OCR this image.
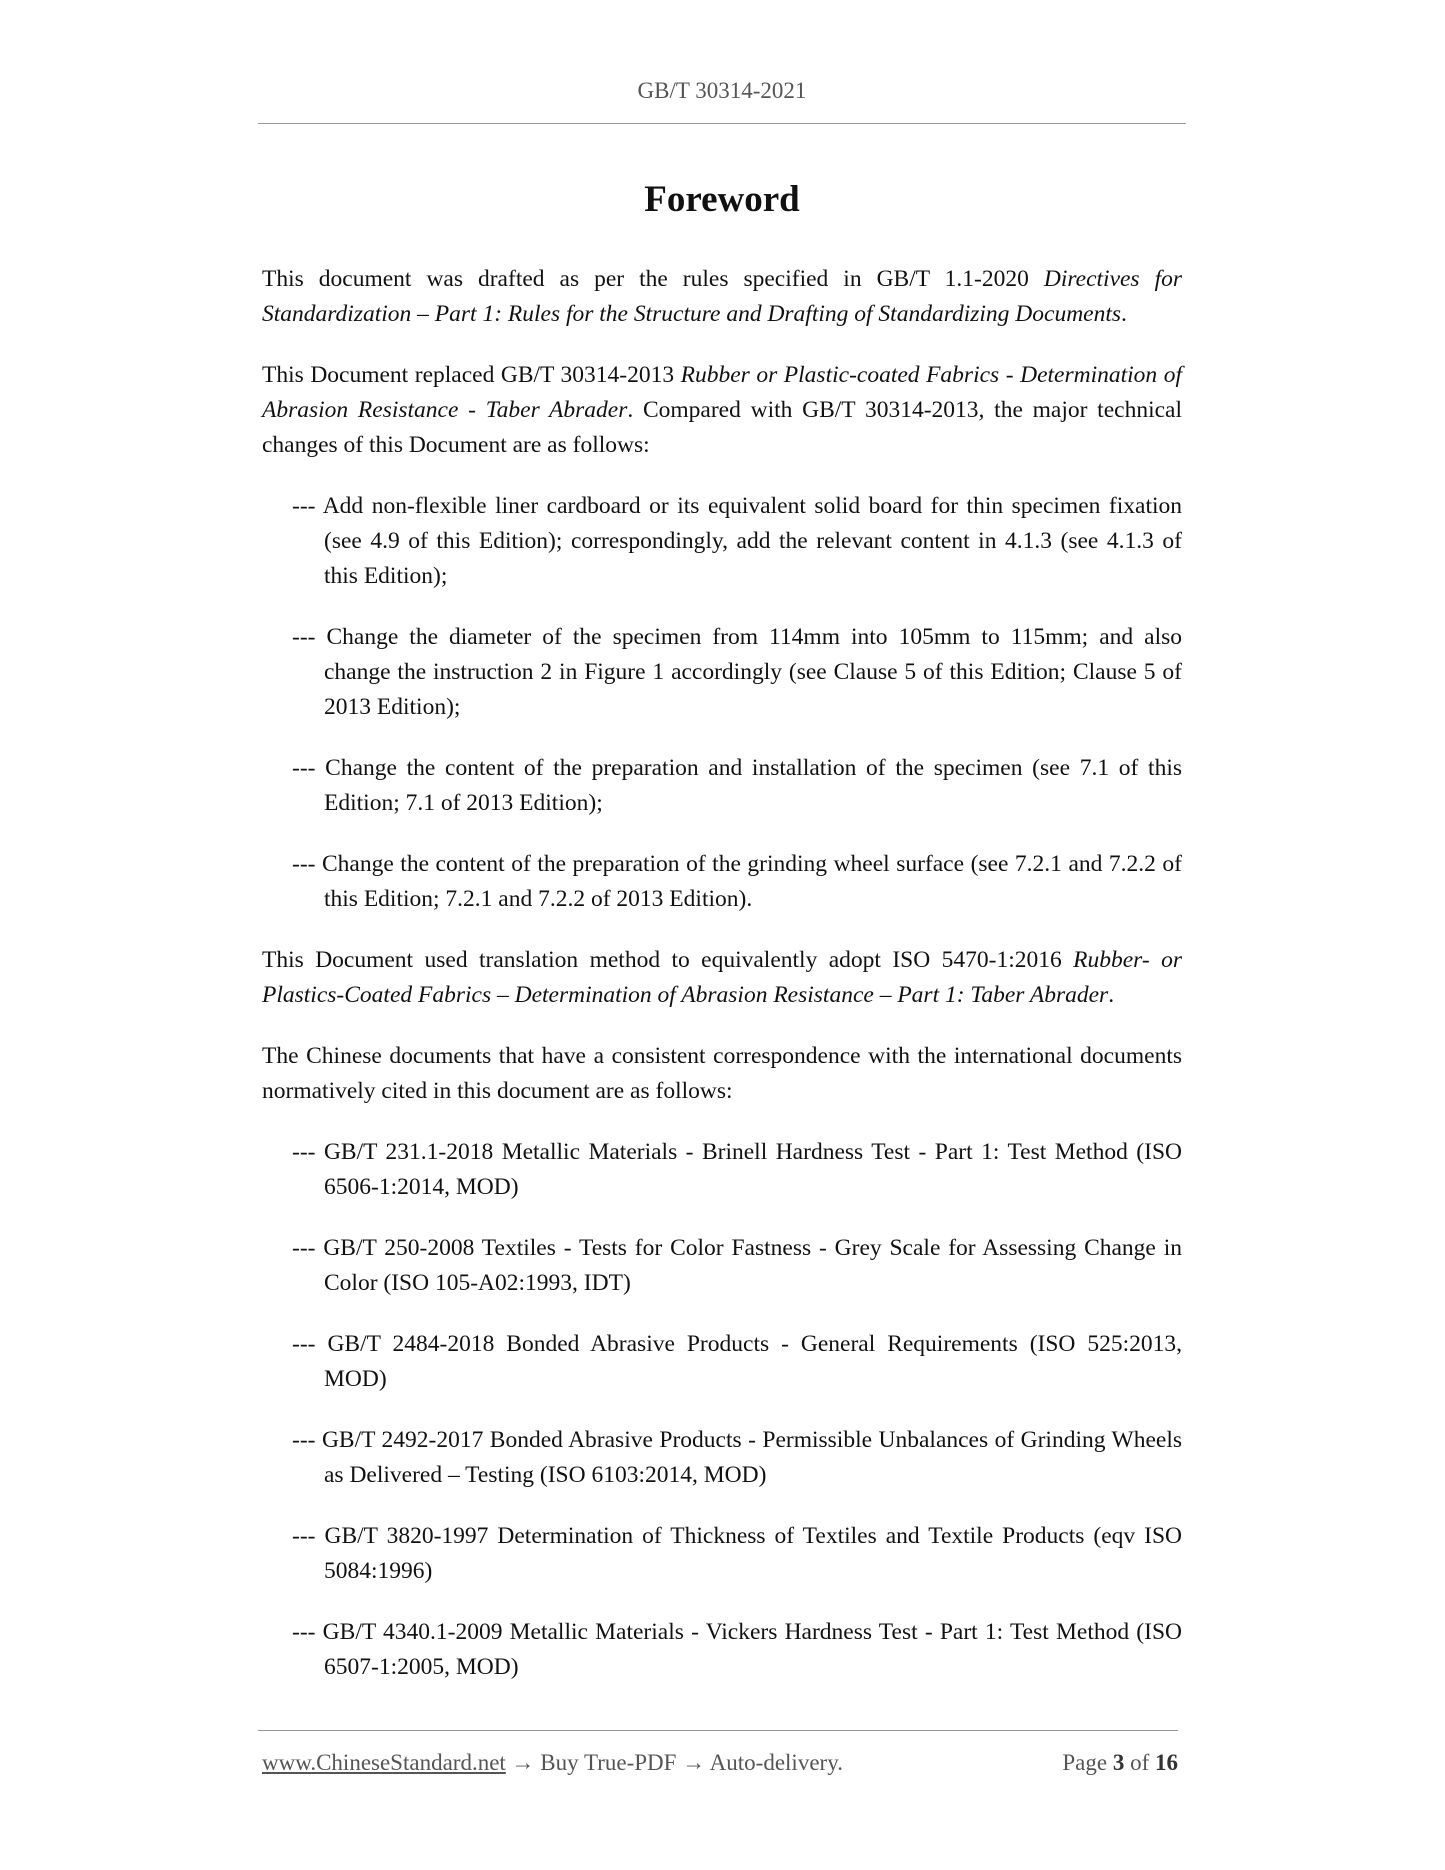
GB/T 30314-2021
Foreword

This document was drafted as per the rules specified in GB/T 1.1-2020 Directives for Standardization – Part 1: Rules for the Structure and Drafting of Standardizing Documents.

This Document replaced GB/T 30314-2013 Rubber or Plastic-coated Fabrics - Determination of Abrasion Resistance - Taber Abrader. Compared with GB/T 30314-2013, the major technical changes of this Document are as follows:

--- Add non-flexible liner cardboard or its equivalent solid board for thin specimen fixation (see 4.9 of this Edition); correspondingly, add the relevant content in 4.1.3 (see 4.1.3 of this Edition);
--- Change the diameter of the specimen from 114mm into 105mm to 115mm; and also change the instruction 2 in Figure 1 accordingly (see Clause 5 of this Edition; Clause 5 of 2013 Edition);
--- Change the content of the preparation and installation of the specimen (see 7.1 of this Edition; 7.1 of 2013 Edition);
--- Change the content of the preparation of the grinding wheel surface (see 7.2.1 and 7.2.2 of this Edition; 7.2.1 and 7.2.2 of 2013 Edition).

This Document used translation method to equivalently adopt ISO 5470-1:2016 Rubber- or Plastics-Coated Fabrics – Determination of Abrasion Resistance – Part 1: Taber Abrader.

The Chinese documents that have a consistent correspondence with the international documents normatively cited in this document are as follows:

--- GB/T 231.1-2018 Metallic Materials - Brinell Hardness Test - Part 1: Test Method (ISO 6506-1:2014, MOD)
--- GB/T 250-2008 Textiles - Tests for Color Fastness - Grey Scale for Assessing Change in Color (ISO 105-A02:1993, IDT)
--- GB/T 2484-2018 Bonded Abrasive Products - General Requirements (ISO 525:2013, MOD)
--- GB/T 2492-2017 Bonded Abrasive Products - Permissible Unbalances of Grinding Wheels as Delivered – Testing (ISO 6103:2014, MOD)
--- GB/T 3820-1997 Determination of Thickness of Textiles and Textile Products (eqv ISO 5084:1996)
--- GB/T 4340.1-2009 Metallic Materials - Vickers Hardness Test - Part 1: Test Method (ISO 6507-1:2005, MOD)
www.ChineseStandard.net → Buy True-PDF → Auto-delivery.	Page 3 of 16
